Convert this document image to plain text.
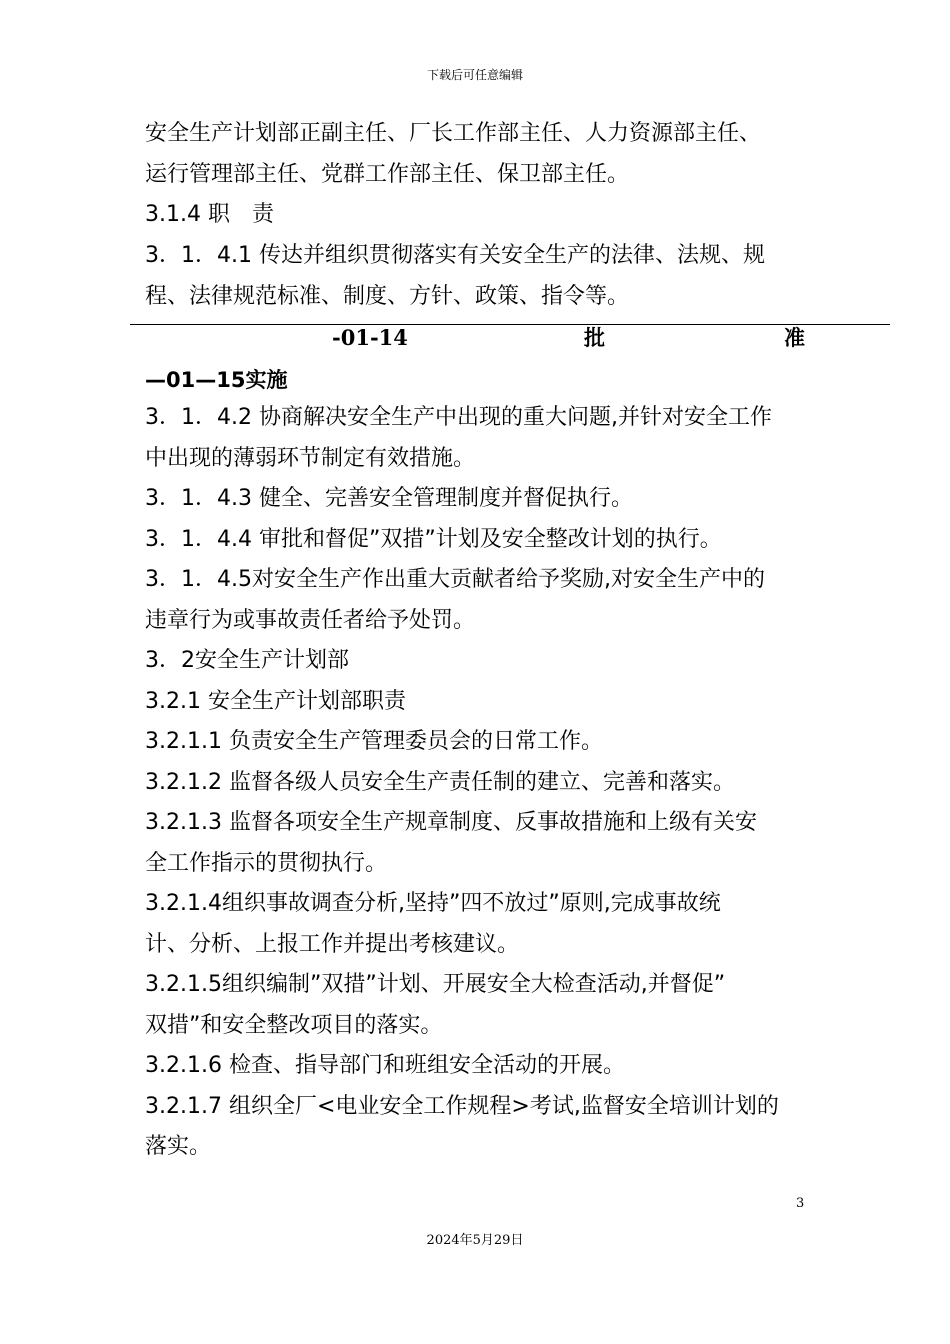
下载后可任意编辑
安全生产计划部正副主任、厂长工作部主任、人力资源部主任、
运行管理部主任、党群工作部主任、保卫部主任。
3.1.4 职　责
3．1．4.1 传达并组织贯彻落实有关安全生产的法律、法规、规
程、法律规范标准、制度、方针、政策、指令等。
-01-14	批	准
—01—15实施
3．1．4.2 协商解决安全生产中出现的重大问题,并针对安全工作
中出现的薄弱环节制定有效措施。
3．1．4.3 健全、完善安全管理制度并督促执行。
3．1．4.4 审批和督促”双措”计划及安全整改计划的执行。
3．1．4.5对安全生产作出重大贡献者给予奖励,对安全生产中的
违章行为或事故责任者给予处罚。
3．2安全生产计划部
3.2.1 安全生产计划部职责
3.2.1.1 负责安全生产管理委员会的日常工作。
3.2.1.2 监督各级人员安全生产责任制的建立、完善和落实。
3.2.1.3 监督各项安全生产规章制度、反事故措施和上级有关安
全工作指示的贯彻执行。
3.2.1.4组织事故调查分析,坚持”四不放过”原则,完成事故统
计、分析、上报工作并提出考核建议。
3.2.1.5组织编制”双措”计划、开展安全大检查活动,并督促”
双措”和安全整改项目的落实。
3.2.1.6 检查、指导部门和班组安全活动的开展。
3.2.1.7 组织全厂<电业安全工作规程>考试,监督安全培训计划的
落实。
3
2024年5月29日
